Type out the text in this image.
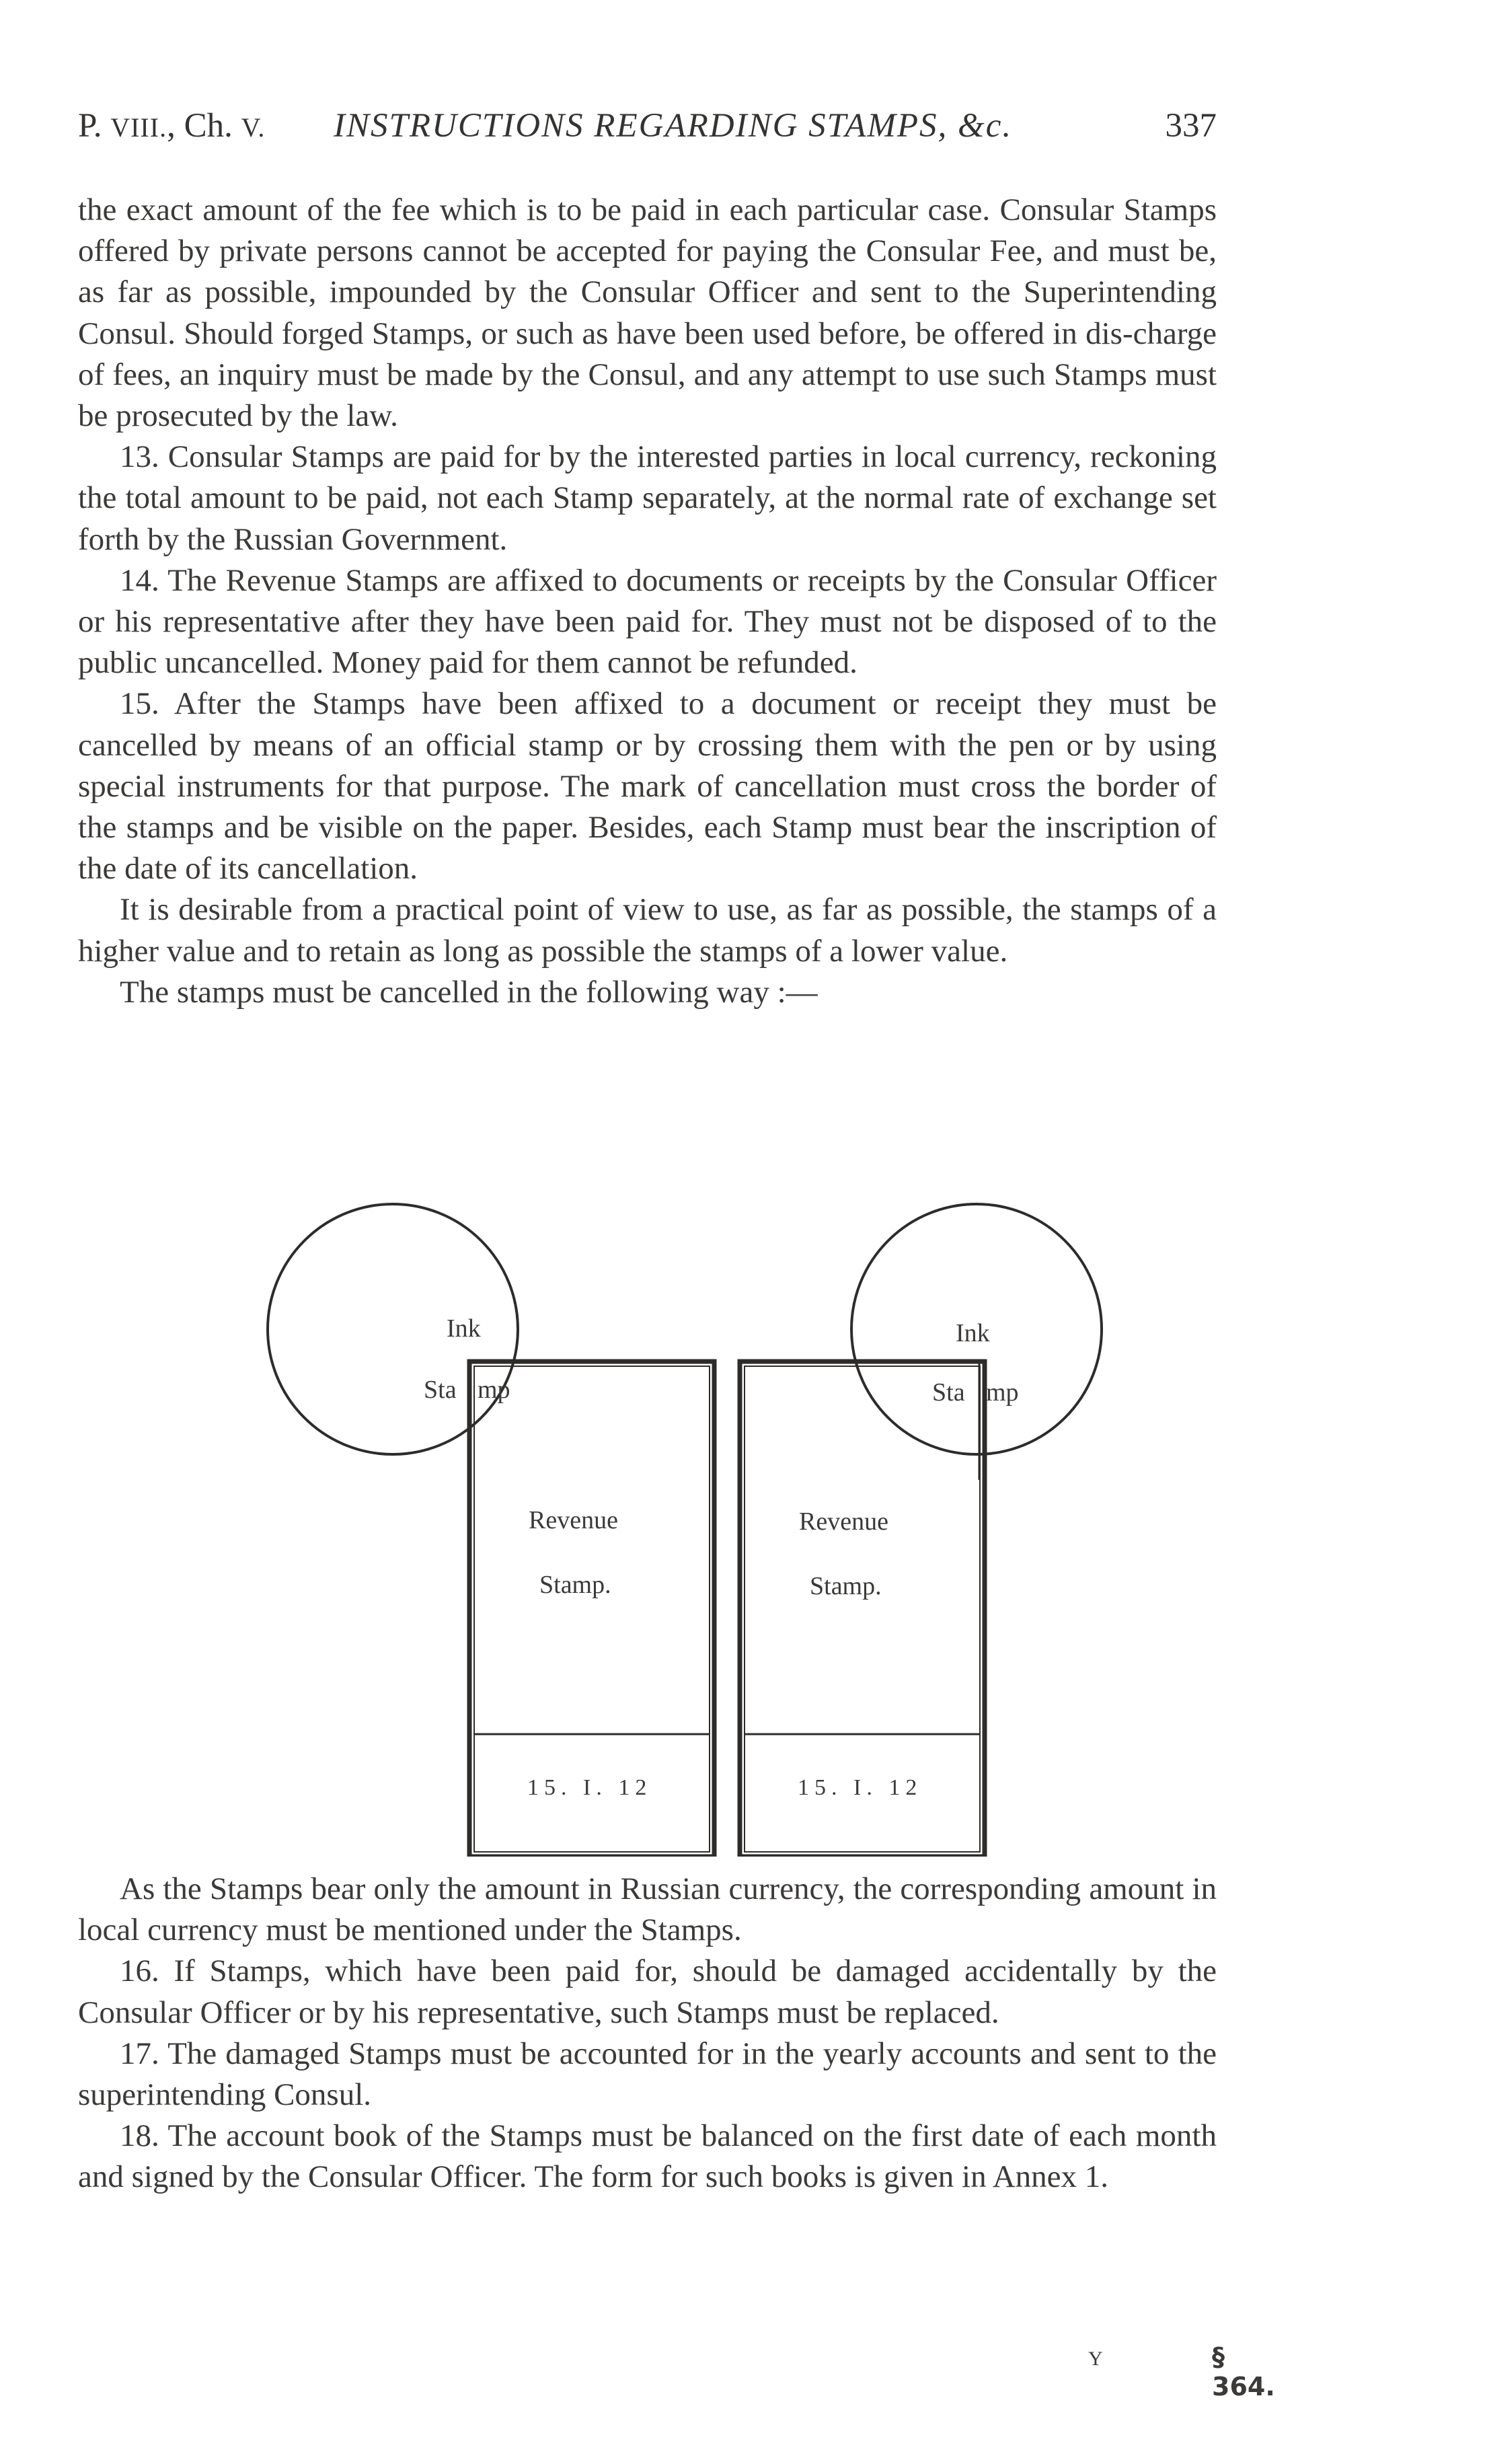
P. VIII., Ch. V. INSTRUCTIONS REGARDING STAMPS, &c.	337

the exact amount of the fee which is to be paid in each particular case. Consular Stamps offered by private persons cannot be accepted for paying the Consular Fee, and must be, as far as possible, impounded by the Consular Officer and sent to the Superintending Consul. Should forged Stamps, or such as have been used before, be offered in dis-charge of fees, an inquiry must be made by the Consul, and any attempt to use such Stamps must be prosecuted by the law.

13. Consular Stamps are paid for by the interested parties in local currency, reckoning the total amount to be paid, not each Stamp separately, at the normal rate of exchange set forth by the Russian Government.

14. The Revenue Stamps are affixed to documents or receipts by the Consular Officer or his representative after they have been paid for. They must not be disposed of to the public uncancelled. Money paid for them cannot be refunded.

15. After the Stamps have been affixed to a document or receipt they must be cancelled by means of an official stamp or by crossing them with the pen or by using special instruments for that purpose. The mark of cancellation must cross the border of the stamps and be visible on the paper. Besides, each Stamp must bear the inscription of the date of its cancellation.

It is desirable from a practical point of view to use, as far as possible, the stamps of a higher value and to retain as long as possible the stamps of a lower value.

The stamps must be cancelled in the following way :—

Ink
Sta mp
Revenue
Stamp.
15. I. 12
Ink
Sta mp
Revenue
Stamp.
15. I. 12

As the Stamps bear only the amount in Russian currency, the corresponding amount in local currency must be mentioned under the Stamps.

16. If Stamps, which have been paid for, should be damaged accidentally by the Consular Officer or by his representative, such Stamps must be replaced.

17. The damaged Stamps must be accounted for in the yearly accounts and sent to the superintending Consul.

18. The account book of the Stamps must be balanced on the first date of each month and signed by the Consular Officer. The form for such books is given in Annex 1.

Y	§ 364.
